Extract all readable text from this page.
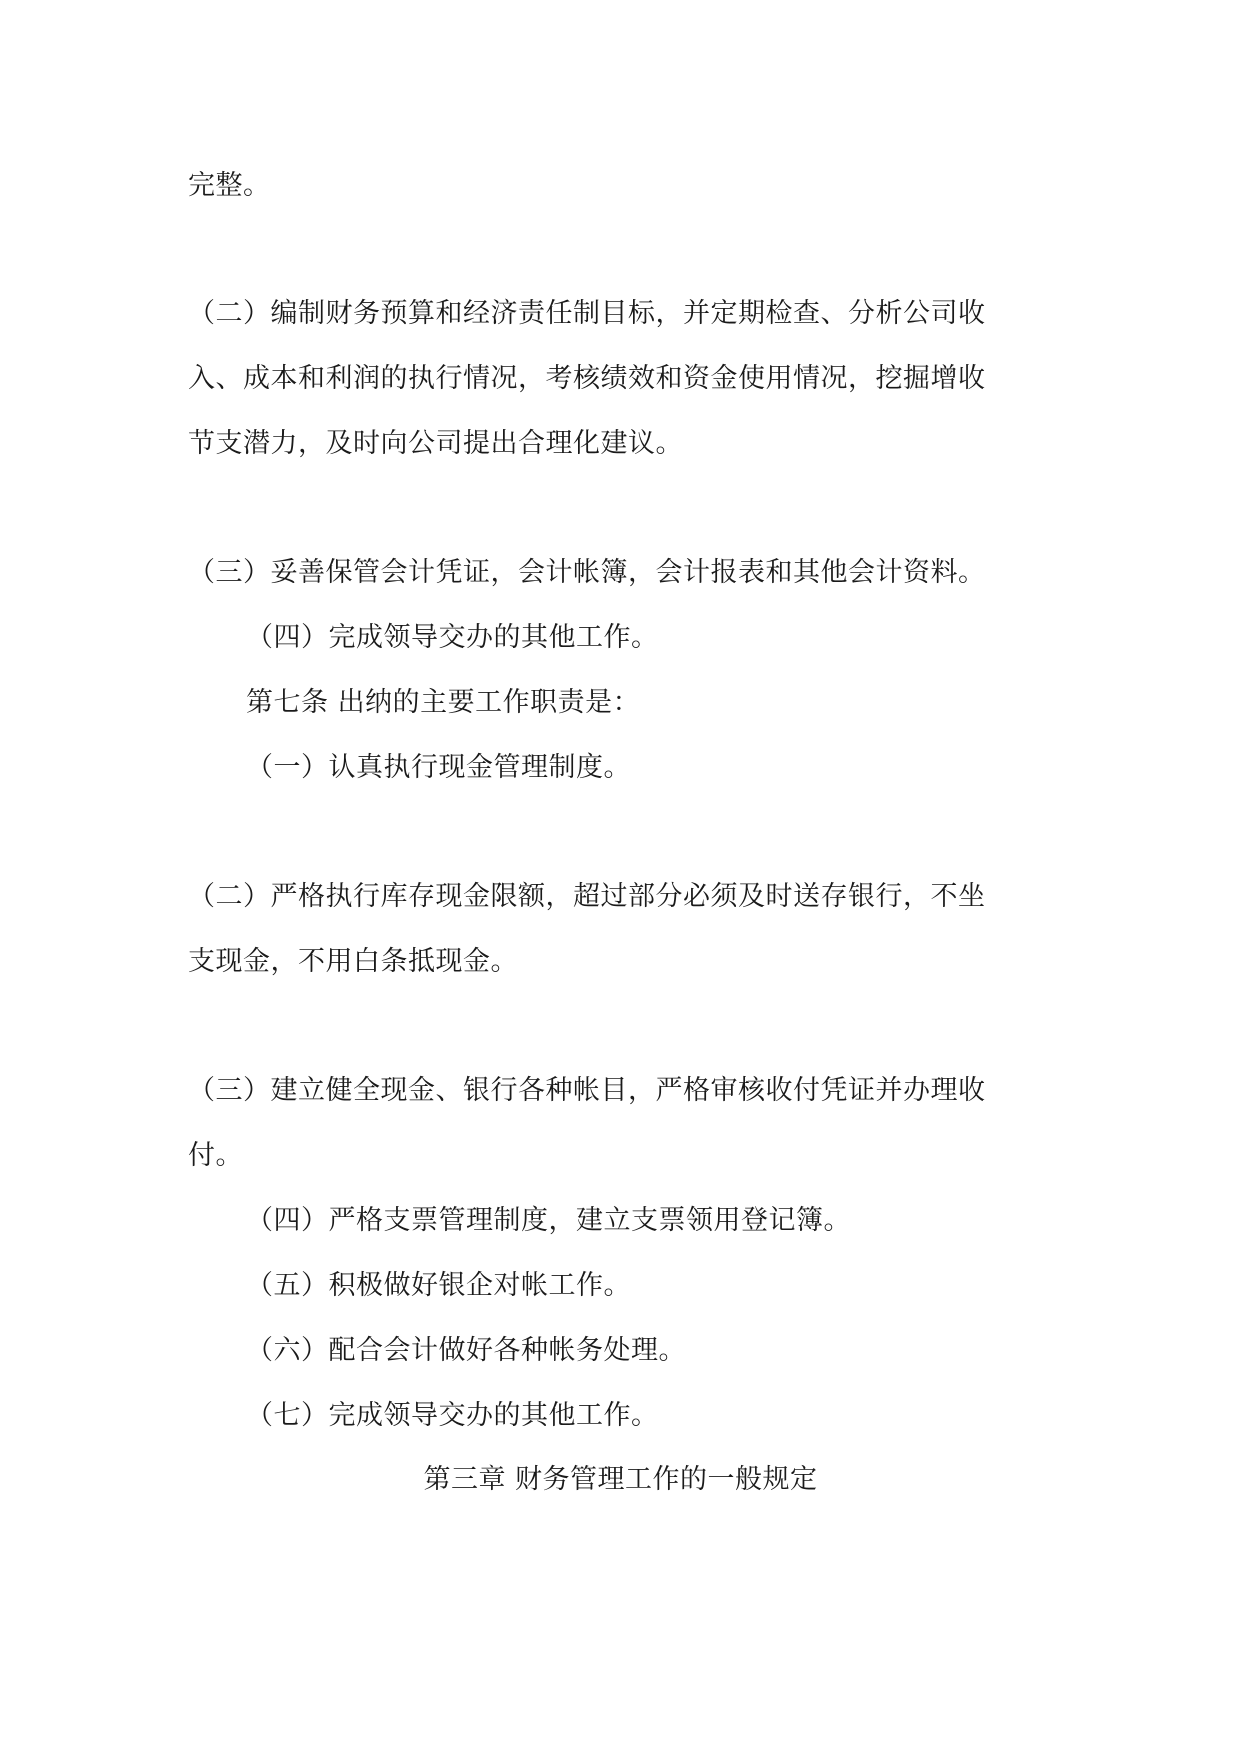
完整。
（二）编制财务预算和经济责任制目标，并定期检查、分析公司收
入、成本和利润的执行情况，考核绩效和资金使用情况，挖掘增收
节支潜力，及时向公司提出合理化建议。
（三）妥善保管会计凭证，会计帐簿，会计报表和其他会计资料。
（四）完成领导交办的其他工作。
第七条 出纳的主要工作职责是：
（一）认真执行现金管理制度。
（二）严格执行库存现金限额，超过部分必须及时送存银行，不坐
支现金，不用白条抵现金。
（三）建立健全现金、银行各种帐目，严格审核收付凭证并办理收
付。
（四）严格支票管理制度，建立支票领用登记簿。
（五）积极做好银企对帐工作。
（六）配合会计做好各种帐务处理。
（七）完成领导交办的其他工作。
第三章 财务管理工作的一般规定
